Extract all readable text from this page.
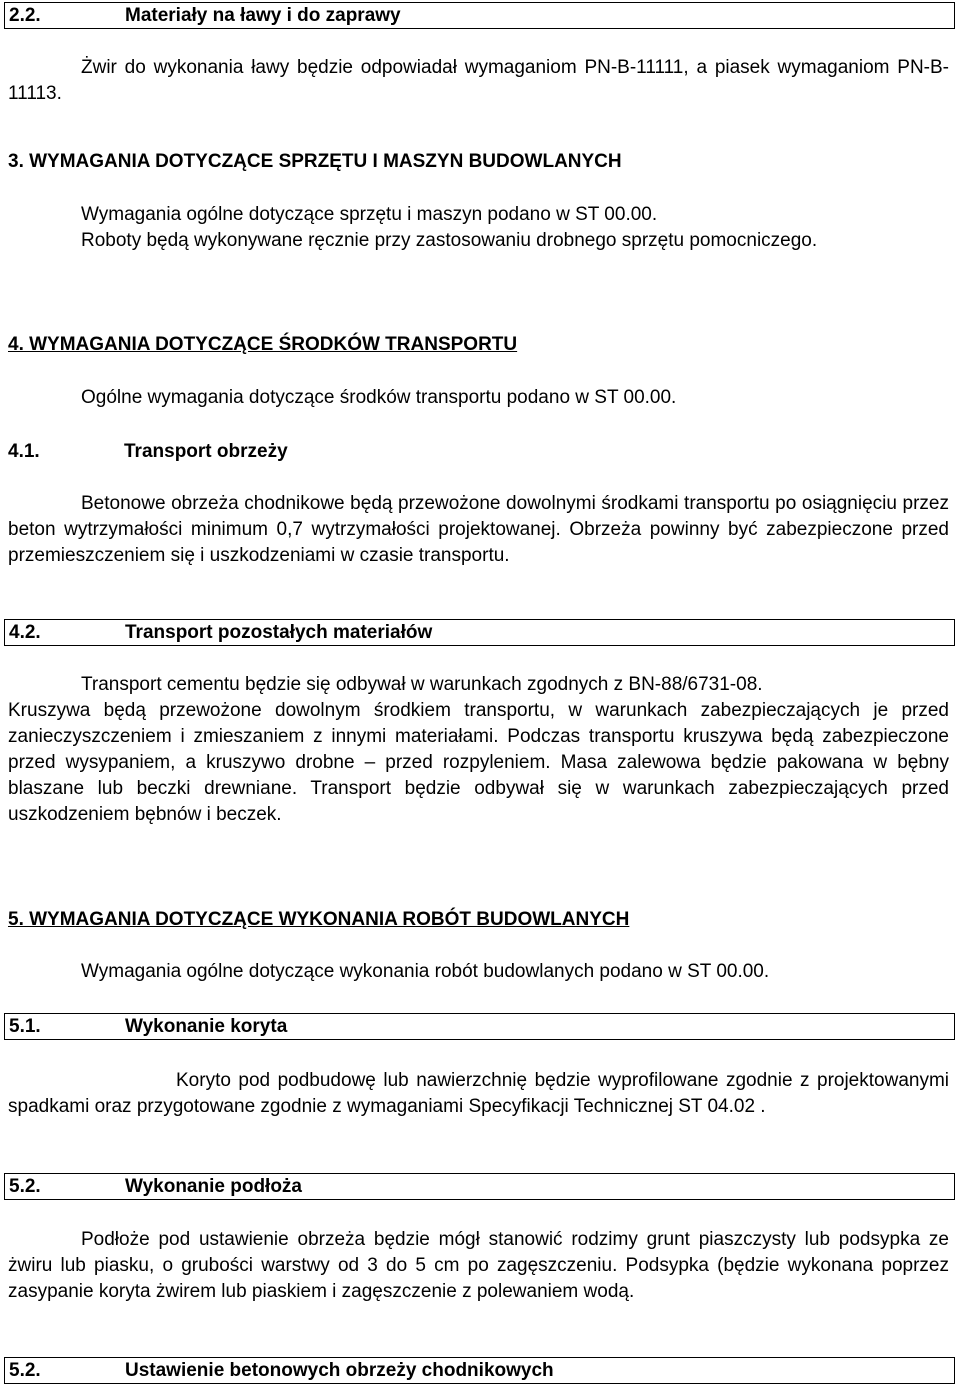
2.2.	Materiały na ławy i do zaprawy
Żwir do wykonania ławy będzie odpowiadał wymaganiom PN-B-11111, a piasek wymaganiom PN-B-11113.
3. WYMAGANIA DOTYCZĄCE SPRZĘTU I MASZYN BUDOWLANYCH
Wymagania ogólne dotyczące sprzętu i maszyn podano w ST 00.00.
Roboty będą wykonywane ręcznie przy zastosowaniu drobnego sprzętu pomocniczego.
4. WYMAGANIA DOTYCZĄCE ŚRODKÓW TRANSPORTU
Ogólne wymagania dotyczące środków transportu podano w ST 00.00.
4.1.	Transport obrzeży
Betonowe obrzeża chodnikowe będą przewożone dowolnymi środkami transportu po osiągnięciu przez beton wytrzymałości minimum 0,7 wytrzymałości projektowanej. Obrzeża powinny być zabezpieczone przed przemieszczeniem się i uszkodzeniami w czasie transportu.
4.2.	Transport pozostałych materiałów
Transport cementu będzie się odbywał w warunkach zgodnych z BN-88/6731-08.
Kruszywa będą przewożone dowolnym środkiem transportu, w warunkach zabezpieczających je przed zanieczyszczeniem i zmieszaniem z innymi materiałami. Podczas transportu kruszywa będą zabezpieczone przed wysypaniem, a kruszywo drobne – przed rozpyleniem. Masa zalewowa będzie pakowana w bębny blaszane lub beczki drewniane. Transport będzie odbywał się w warunkach zabezpieczających przed uszkodzeniem bębnów i beczek.
5. WYMAGANIA DOTYCZĄCE WYKONANIA ROBÓT BUDOWLANYCH
Wymagania ogólne dotyczące wykonania robót budowlanych podano w ST 00.00.
5.1.	Wykonanie koryta
Koryto pod podbudowę lub nawierzchnię będzie wyprofilowane zgodnie z projektowanymi spadkami oraz przygotowane zgodnie z wymaganiami Specyfikacji Technicznej ST 04.02 .
5.2.	Wykonanie podłoża
Podłoże pod ustawienie obrzeża będzie mógł stanowić rodzimy grunt piaszczysty lub podsypka ze żwiru lub piasku, o grubości warstwy od 3 do 5 cm po zagęszczeniu. Podsypka (będzie wykonana poprzez zasypanie koryta żwirem lub piaskiem i zagęszczenie z polewaniem wodą.
5.2.	Ustawienie betonowych obrzeży chodnikowych
